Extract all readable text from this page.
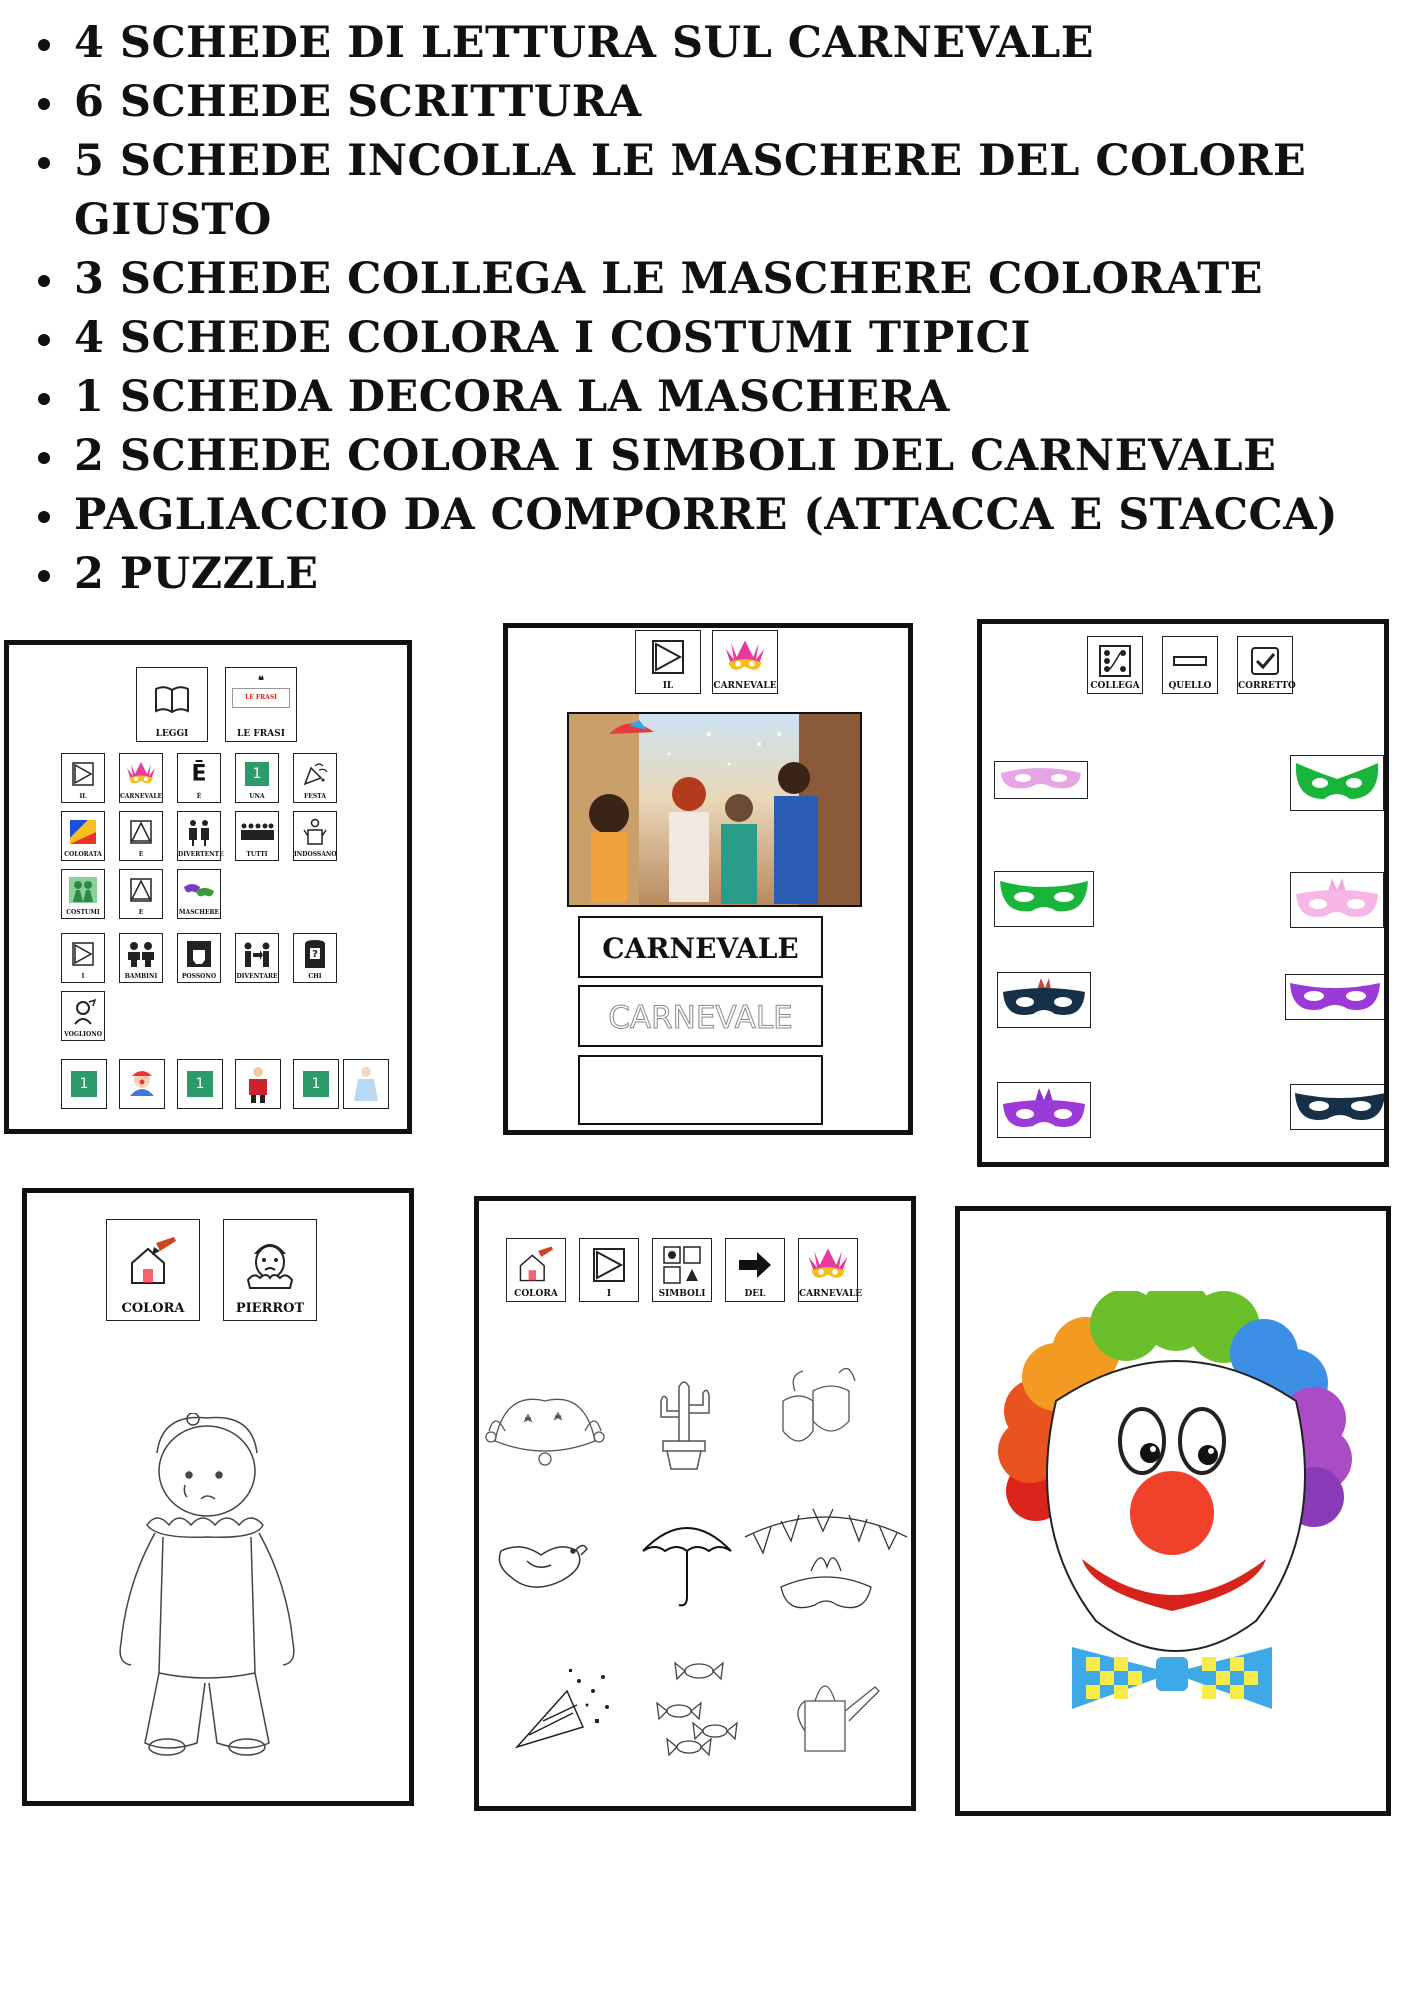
4 SCHEDE DI LETTURA SUL CARNEVALE
6 SCHEDE SCRITTURA
5 SCHEDE INCOLLA LE MASCHERE DEL COLORE GIUSTO
3 SCHEDE COLLEGA LE MASCHERE COLORATE
4 SCHEDE COLORA I COSTUMI TIPICI
1 SCHEDA DECORA LA MASCHERA
2 SCHEDE COLORA I SIMBOLI DEL CARNEVALE
PAGLIACCIO DA COMPORRE (ATTACCA E STACCA)
2 PUZZLE
LEGGI
LE FRASI
❝
LE FRASI
IL	CARNEVALE
Ē
È
1
UNA	FESTA
COLORATA	E	DIVERTENTE	TUTTI	INDOSSANO
COSTUMI	E	MASCHERE
I	BAMBINI	POSSONO	DIVENTARE
?
CHI
VOGLIONO
1	1	1
IL	CARNEVALE
CARNEVALE
CARNEVALE
COLLEGA	QUELLO	CORRETTO
COLORA	PIERROT
COLORA	I	SIMBOLI	DEL	CARNEVALE
